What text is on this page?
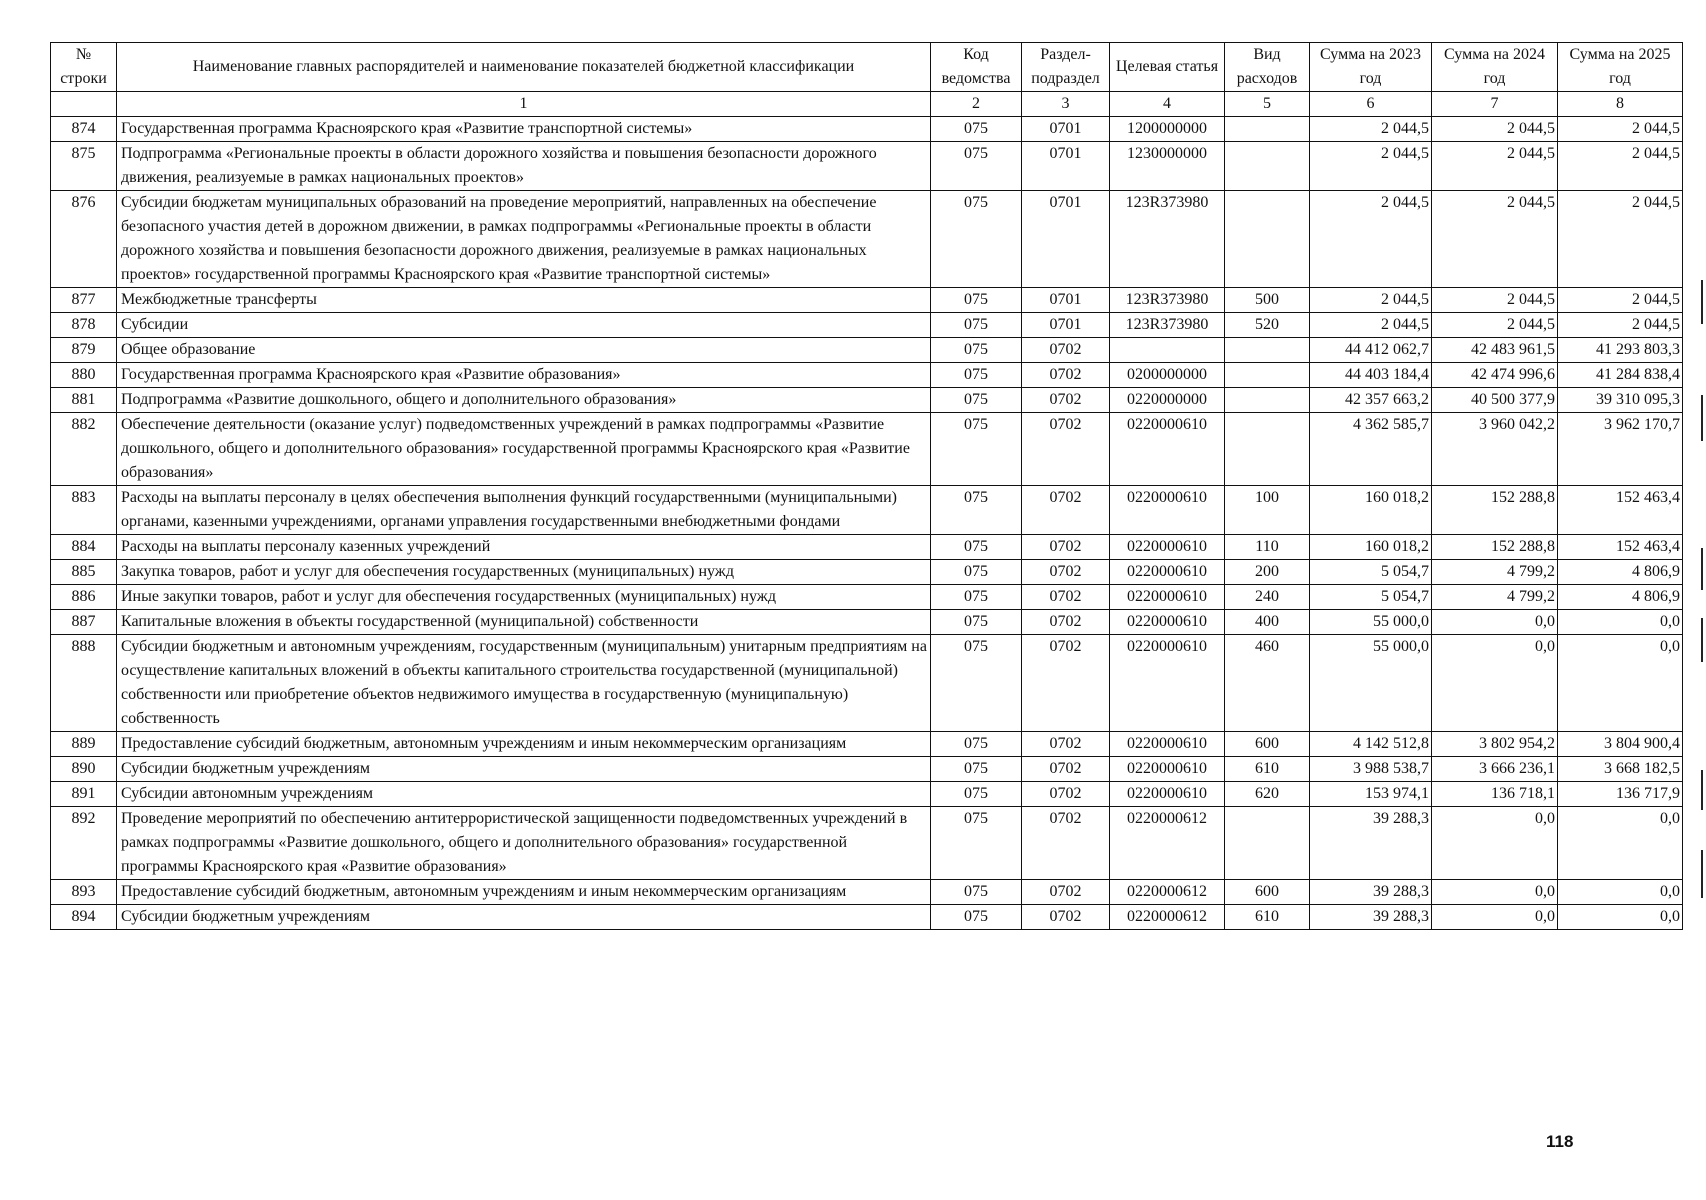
№ строки	Наименование главных распорядителей и наименование показателей бюджетной классификации	Код ведомства	Раздел-подраздел	Целевая статья	Вид расходов	Сумма на 2023 год	Сумма на 2024 год	Сумма на 2025 год
	1	2	3	4	5	6	7	8
874	Государственная программа Красноярского края «Развитие транспортной системы»	075	0701	1200000000		2 044,5	2 044,5	2 044,5
875	Подпрограмма «Региональные проекты в области дорожного хозяйства и повышения безопасности дорожного движения, реализуемые в рамках национальных проектов»	075	0701	1230000000		2 044,5	2 044,5	2 044,5
876	Субсидии бюджетам муниципальных образований на проведение мероприятий, направленных на обеспечение безопасного участия детей в дорожном движении, в рамках подпрограммы «Региональные проекты в области дорожного хозяйства и повышения безопасности дорожного движения, реализуемые в рамках национальных проектов» государственной программы Красноярского края «Развитие транспортной системы»	075	0701	123R373980		2 044,5	2 044,5	2 044,5
877	Межбюджетные трансферты	075	0701	123R373980	500	2 044,5	2 044,5	2 044,5
878	Субсидии	075	0701	123R373980	520	2 044,5	2 044,5	2 044,5
879	Общее образование	075	0702			44 412 062,7	42 483 961,5	41 293 803,3
880	Государственная программа Красноярского края «Развитие образования»	075	0702	0200000000		44 403 184,4	42 474 996,6	41 284 838,4
881	Подпрограмма «Развитие дошкольного, общего и дополнительного образования»	075	0702	0220000000		42 357 663,2	40 500 377,9	39 310 095,3
882	Обеспечение деятельности (оказание услуг) подведомственных учреждений в рамках подпрограммы «Развитие дошкольного, общего и дополнительного образования» государственной программы Красноярского края «Развитие образования»	075	0702	0220000610		4 362 585,7	3 960 042,2	3 962 170,7
883	Расходы на выплаты персоналу в целях обеспечения выполнения функций государственными (муниципальными) органами, казенными учреждениями, органами управления государственными внебюджетными фондами	075	0702	0220000610	100	160 018,2	152 288,8	152 463,4
884	Расходы на выплаты персоналу казенных учреждений	075	0702	0220000610	110	160 018,2	152 288,8	152 463,4
885	Закупка товаров, работ и услуг для обеспечения государственных (муниципальных) нужд	075	0702	0220000610	200	5 054,7	4 799,2	4 806,9
886	Иные закупки товаров, работ и услуг для обеспечения государственных (муниципальных) нужд	075	0702	0220000610	240	5 054,7	4 799,2	4 806,9
887	Капитальные вложения в объекты государственной (муниципальной) собственности	075	0702	0220000610	400	55 000,0	0,0	0,0
888	Субсидии бюджетным и автономным учреждениям, государственным (муниципальным) унитарным предприятиям на осуществление капитальных вложений в объекты капитального строительства государственной (муниципальной) собственности или приобретение объектов недвижимого имущества в государственную (муниципальную) собственность	075	0702	0220000610	460	55 000,0	0,0	0,0
889	Предоставление субсидий бюджетным, автономным учреждениям и иным некоммерческим организациям	075	0702	0220000610	600	4 142 512,8	3 802 954,2	3 804 900,4
890	Субсидии бюджетным учреждениям	075	0702	0220000610	610	3 988 538,7	3 666 236,1	3 668 182,5
891	Субсидии автономным учреждениям	075	0702	0220000610	620	153 974,1	136 718,1	136 717,9
892	Проведение мероприятий по обеспечению антитеррористической защищенности подведомственных учреждений в рамках подпрограммы «Развитие дошкольного, общего и дополнительного образования» государственной программы Красноярского края «Развитие образования»	075	0702	0220000612		39 288,3	0,0	0,0
893	Предоставление субсидий бюджетным, автономным учреждениям и иным некоммерческим организациям	075	0702	0220000612	600	39 288,3	0,0	0,0
894	Субсидии бюджетным учреждениям	075	0702	0220000612	610	39 288,3	0,0	0,0
118
